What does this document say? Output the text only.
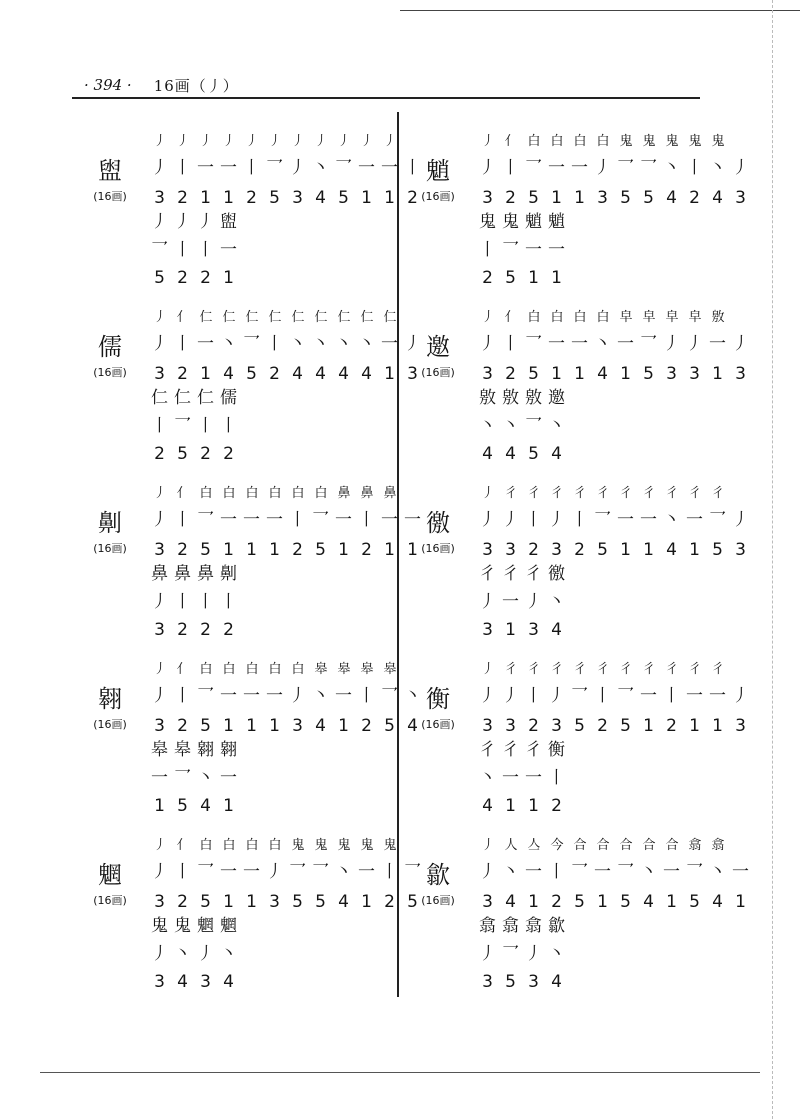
· 394 · 16画（丿）
盥
(16画)
丿 丿 丿 丿 丿 丿 丿 丿 丿 丿 丿
丿 丨 一 一 丨 乛 丿 丶 乛 一 一 丨
3 2 1 1 2 5 3 4 5 1 1 2
丿 丿 丿 盥
乛 丨 丨 一
5 2 2 1
儒
(16画)
丿 亻 仁 仁 仁 仁 仁 仁 仁 仁 仁
丿 丨 一 丶 乛 丨 丶 丶 丶 丶 一 丿
3 2 1 4 5 2 4 4 4 4 1 3
仁 仁 仁 儒
丨 乛 丨 丨
2 5 2 2
劓
(16画)
丿 亻 白 白 白 白 白 白 鼻 鼻 鼻
丿 丨 乛 一 一 一 丨 乛 一 丨 一 一
3 2 5 1 1 1 2 5 1 2 1 1
鼻 鼻 鼻 劓
丿 丨 丨 丨
3 2 2 2
翱
(16画)
丿 亻 白 白 白 白 白 皋 皋 皋 皋
丿 丨 乛 一 一 一 丿 丶 一 丨 乛 丶
3 2 5 1 1 1 3 4 1 2 5 4
皋 皋 翱 翱
一 乛 丶 一
1 5 4 1
魍
(16画)
丿 亻 白 白 白 白 鬼 鬼 鬼 鬼 鬼
丿 丨 乛 一 一 丿 乛 乛 丶 一 丨 乛
3 2 5 1 1 3 5 5 4 1 2 5
鬼 鬼 魍 魍
丿 丶 丿 丶
3 4 3 4
魈
(16画)
丿 亻 白 白 白 白 鬼 鬼 鬼 鬼 鬼
丿 丨 乛 一 一 丿 乛 乛 丶 丨 丶 丿
3 2 5 1 1 3 5 5 4 2 4 3
鬼 鬼 魈 魈
丨 乛 一 一
2 5 1 1
邀
(16画)
丿 亻 白 白 白 白 皁 皁 皁 皁 敫
丿 丨 乛 一 一 丶 一 乛 丿 丿 一 丿
3 2 5 1 1 4 1 5 3 3 1 3
敫 敫 敫 邀
丶 丶 乛 丶
4 4 5 4
徼
(16画)
丿 彳 彳 彳 彳 彳 彳 彳 彳 彳 彳
丿 丿 丨 丿 丨 乛 一 一 丶 一 乛 丿
3 3 2 3 2 5 1 1 4 1 5 3
彳 彳 彳 徼
丿 一 丿 丶
3 1 3 4
衡
(16画)
丿 彳 彳 彳 彳 彳 彳 彳 彳 彳 彳
丿 丿 丨 丿 乛 丨 乛 一 丨 一 一 丿
3 3 2 3 5 2 5 1 2 1 1 3
彳 彳 彳 衡
丶 一 一 丨
4 1 1 2
歙
(16画)
丿 人 亼 今 合 合 合 合 合 翕 翕
丿 丶 一 丨 乛 一 乛 丶 一 乛 丶 一
3 4 1 2 5 1 5 4 1 5 4 1
翕 翕 翕 歙
丿 乛 丿 丶
3 5 3 4
